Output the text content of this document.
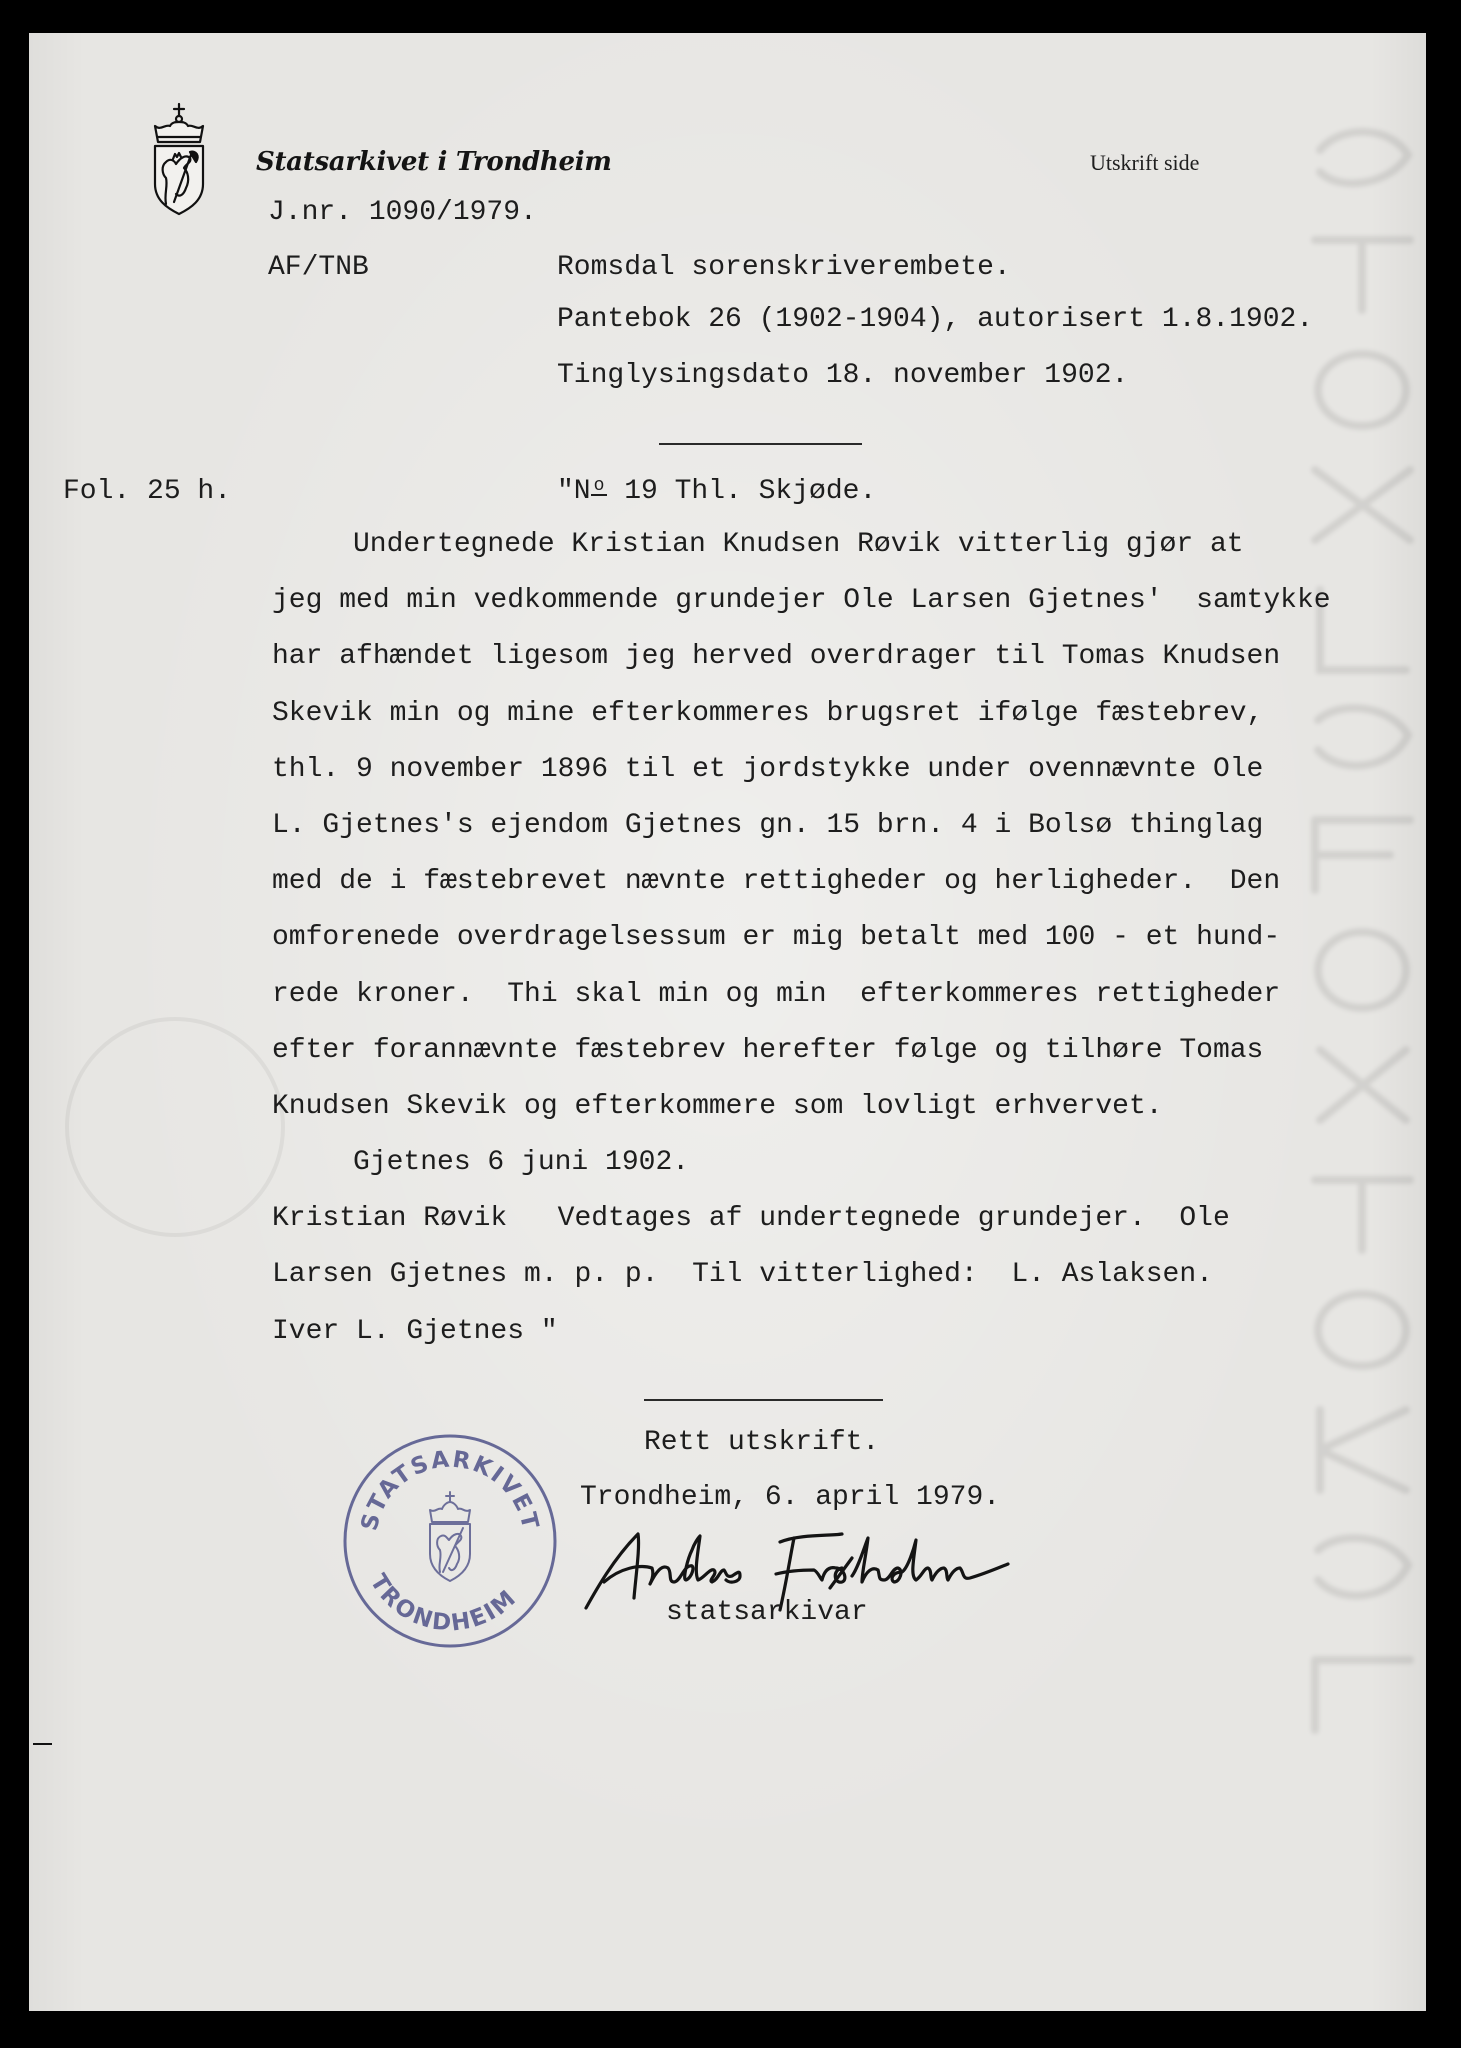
Statsarkivet i Trondheim	Utskrift side
J.nr. 1090/1979.
AF/TNB	Romsdal sorenskriverembete.
Pantebok 26 (1902-1904), autorisert 1.8.1902.
Tinglysingsdato 18. november 1902.
Fol. 25 h.	"N o 19 Thl. Skjøde.
Undertegnede Kristian Knudsen Røvik vitterlig gjør at
jeg med min vedkommende grundejer Ole Larsen Gjetnes'  samtykke
har afhændet ligesom jeg herved overdrager til Tomas Knudsen
Skevik min og mine efterkommeres brugsret ifølge fæstebrev,
thl. 9 november 1896 til et jordstykke under ovennævnte Ole
L. Gjetnes's ejendom Gjetnes gn. 15 brn. 4 i Bolsø thinglag
med de i fæstebrevet nævnte rettigheder og herligheder.  Den
omforenede overdragelsessum er mig betalt med 100 - et hund-
rede kroner.  Thi skal min og min  efterkommeres rettigheder
efter forannævnte fæstebrev herefter følge og tilhøre Tomas
Knudsen Skevik og efterkommere som lovligt erhvervet.
Gjetnes 6 juni 1902.
Kristian Røvik   Vedtages af undertegnede grundejer.  Ole
Larsen Gjetnes m. p. p.  Til vitterlighed:  L. Aslaksen.
Iver L. Gjetnes "
Rett utskrift.
Trondheim, 6. april 1979.
STATSARKIVET
TRONDHEIM	statsarkivar
